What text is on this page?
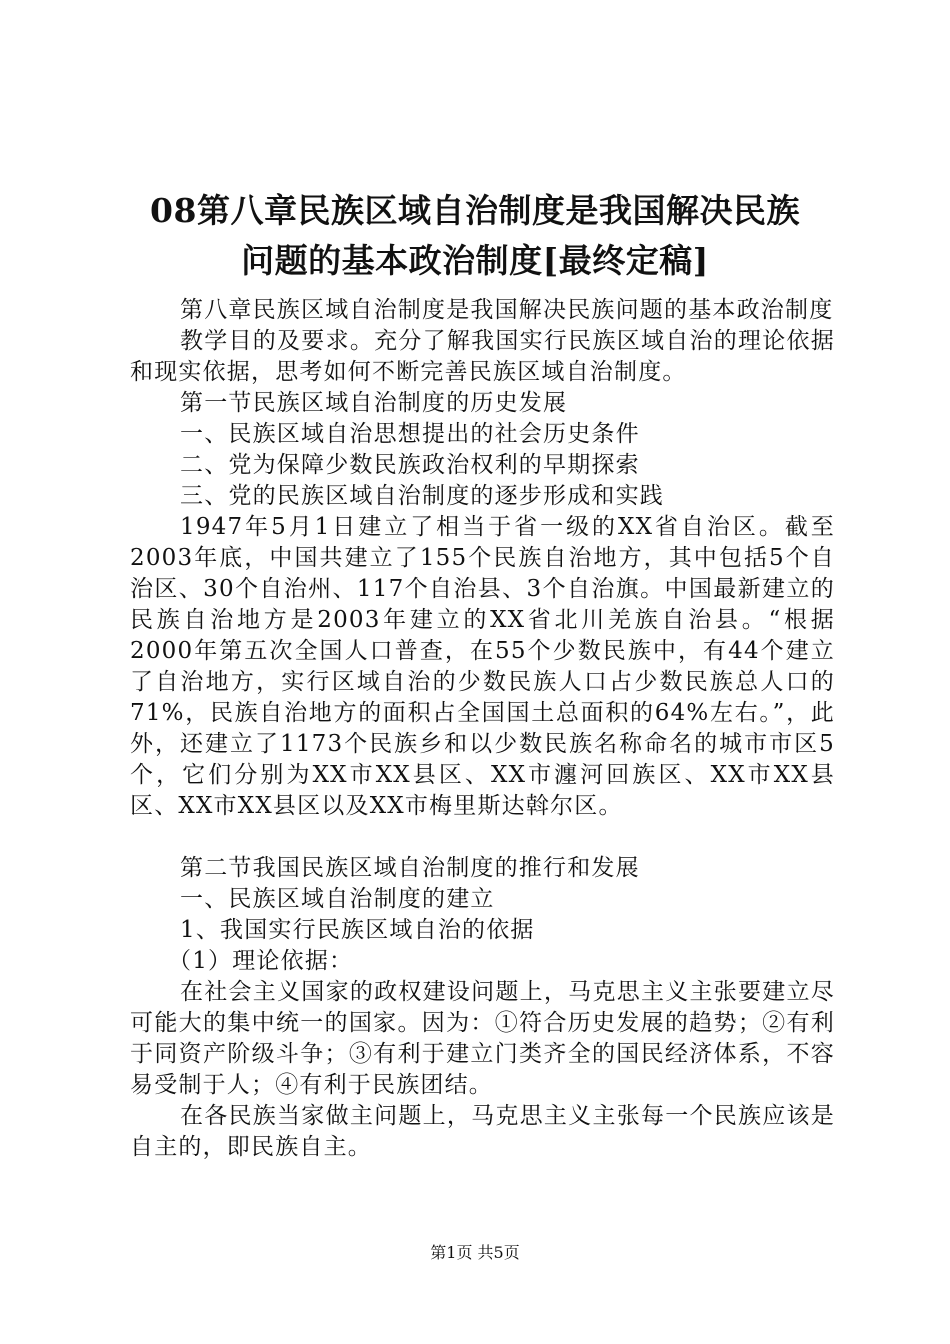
08第八章民族区域自治制度是我国解决民族
问题的基本政治制度[最终定稿]

第八章民族区域自治制度是我国解决民族问题的基本政治制度

教学目的及要求。充分了解我国实行民族区域自治的理论依据和现实依据，思考如何不断完善民族区域自治制度。

第一节民族区域自治制度的历史发展

一、民族区域自治思想提出的社会历史条件

二、党为保障少数民族政治权利的早期探索

三、党的民族区域自治制度的逐步形成和实践

1947年5月1日建立了相当于省一级的XX省自治区。截至2003年底，中国共建立了155个民族自治地方，其中包括5个自治区、30个自治州、117个自治县、3个自治旗。中国最新建立的民族自治地方是2003年建立的XX省北川羌族自治县。“根据2000年第五次全国人口普查，在55个少数民族中，有44个建立了自治地方，实行区域自治的少数民族人口占少数民族总人口的71%，民族自治地方的面积占全国国土总面积的64%左右。”，此外，还建立了1173个民族乡和以少数民族名称命名的城市市区5个，它们分别为XX市XX县区、XX市瀍河回族区、XX市XX县区、XX市XX县区以及XX市梅里斯达斡尔区。

第二节我国民族区域自治制度的推行和发展

一、民族区域自治制度的建立

1、我国实行民族区域自治的依据

（1）理论依据：

在社会主义国家的政权建设问题上，马克思主义主张要建立尽可能大的集中统一的国家。因为：①符合历史发展的趋势；②有利于同资产阶级斗争；③有利于建立门类齐全的国民经济体系，不容易受制于人；④有利于民族团结。

在各民族当家做主问题上，马克思主义主张每一个民族应该是自主的，即民族自主。

第1页 共5页
